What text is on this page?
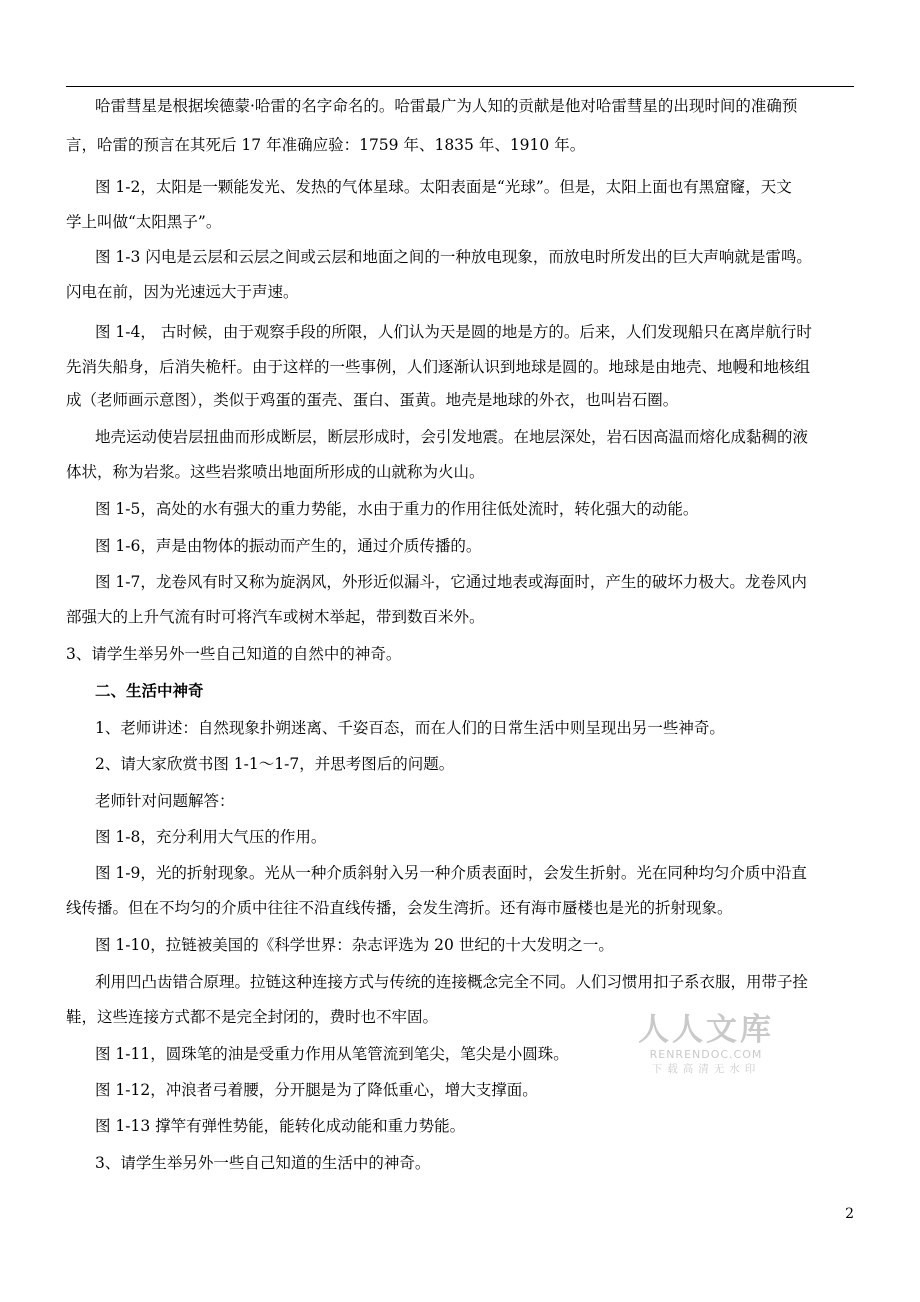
哈雷彗星是根据埃德蒙·哈雷的名字命名的。哈雷最广为人知的贡献是他对哈雷彗星的出现时间的准确预

言，哈雷的预言在其死后 17 年准确应验：1759 年、1835 年、1910 年。

图 1-2，太阳是一颗能发光、发热的气体星球。太阳表面是“光球”。但是，太阳上面也有黑窟窿，天文

学上叫做“太阳黑子”。

图 1-3 闪电是云层和云层之间或云层和地面之间的一种放电现象，而放电时所发出的巨大声响就是雷鸣。

闪电在前，因为光速远大于声速。

图 1-4， 古时候，由于观察手段的所限，人们认为天是圆的地是方的。后来，人们发现船只在离岸航行时

先消失船身，后消失桅杆。由于这样的一些事例，人们逐渐认识到地球是圆的。地球是由地壳、地幔和地核组

成（老师画示意图），类似于鸡蛋的蛋壳、蛋白、蛋黄。地壳是地球的外衣，也叫岩石圈。

地壳运动使岩层扭曲而形成断层，断层形成时，会引发地震。在地层深处，岩石因高温而熔化成黏稠的液

体状，称为岩浆。这些岩浆喷出地面所形成的山就称为火山。

图 1-5，高处的水有强大的重力势能，水由于重力的作用往低处流时，转化强大的动能。

图 1-6，声是由物体的振动而产生的，通过介质传播的。

图 1-7，龙卷风有时又称为旋涡风，外形近似漏斗，它通过地表或海面时，产生的破坏力极大。龙卷风内

部强大的上升气流有时可将汽车或树木举起，带到数百米外。

3、请学生举另外一些自己知道的自然中的神奇。

二、生活中神奇

1、老师讲述：自然现象扑朔迷离、千姿百态，而在人们的日常生活中则呈现出另一些神奇。

2、请大家欣赏书图 1-1～1-7，并思考图后的问题。

老师针对问题解答：

图 1-8，充分利用大气压的作用。

图 1-9，光的折射现象。光从一种介质斜射入另一种介质表面时，会发生折射。光在同种均匀介质中沿直

线传播。但在不均匀的介质中往往不沿直线传播，会发生湾折。还有海市蜃楼也是光的折射现象。

图 1-10，拉链被美国的《科学世界：杂志评选为 20 世纪的十大发明之一。

利用凹凸齿错合原理。拉链这种连接方式与传统的连接概念完全不同。人们习惯用扣子系衣服，用带子拴

鞋，这些连接方式都不是完全封闭的，费时也不牢固。

图 1-11，圆珠笔的油是受重力作用从笔管流到笔尖，笔尖是小圆珠。

图 1-12，冲浪者弓着腰，分开腿是为了降低重心，增大支撑面。

图 1-13 撑竿有弹性势能，能转化成动能和重力势能。

3、请学生举另外一些自己知道的生活中的神奇。

人人文库
RENRENDOC.COM
下载高清无水印
2
